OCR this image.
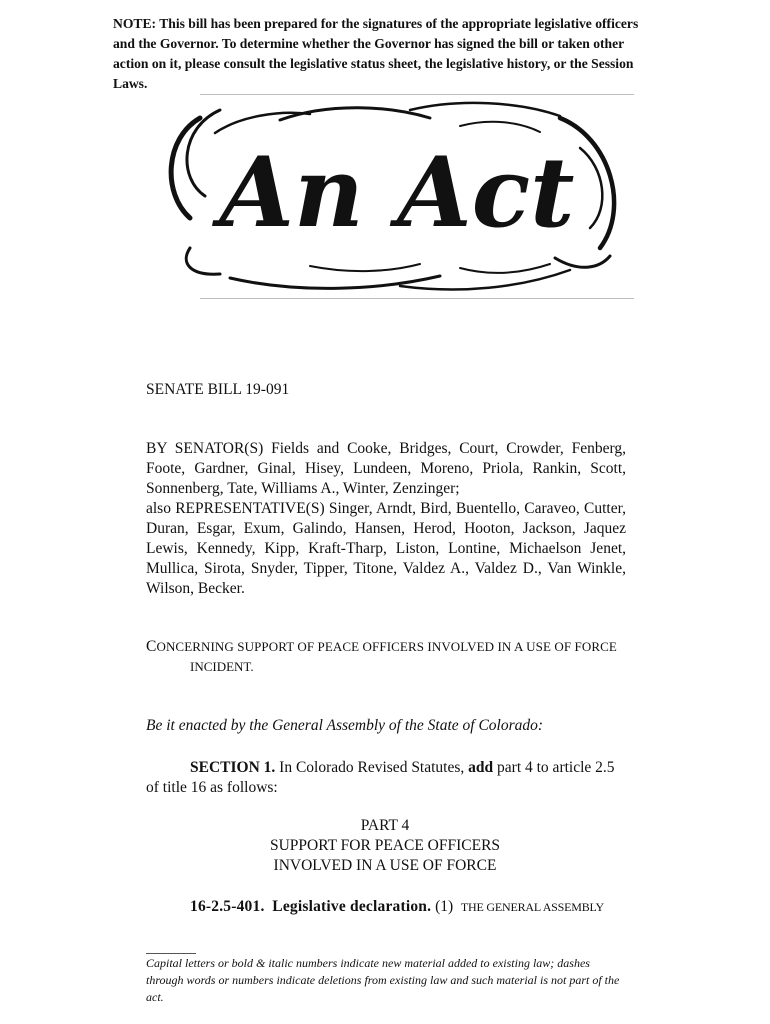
NOTE: This bill has been prepared for the signatures of the appropriate legislative officers and the Governor. To determine whether the Governor has signed the bill or taken other action on it, please consult the legislative status sheet, the legislative history, or the Session Laws.
An Act
SENATE BILL 19-091

BY SENATOR(S) Fields and Cooke, Bridges, Court, Crowder, Fenberg, Foote, Gardner, Ginal, Hisey, Lundeen, Moreno, Priola, Rankin, Scott, Sonnenberg, Tate, Williams A., Winter, Zenzinger;

also REPRESENTATIVE(S) Singer, Arndt, Bird, Buentello, Caraveo, Cutter, Duran, Esgar, Exum, Galindo, Hansen, Herod, Hooton, Jackson, Jaquez Lewis, Kennedy, Kipp, Kraft-Tharp, Liston, Lontine, Michaelson Jenet, Mullica, Sirota, Snyder, Tipper, Titone, Valdez A., Valdez D., Van Winkle, Wilson, Becker.

CONCERNING SUPPORT OF PEACE OFFICERS INVOLVED IN A USE OF FORCE
INCIDENT.
Be it enacted by the General Assembly of the State of Colorado:
SECTION 1. In Colorado Revised Statutes, add part 4 to article 2.5 of title 16 as follows:
PART 4
SUPPORT FOR PEACE OFFICERS
INVOLVED IN A USE OF FORCE
16-2.5-401. Legislative declaration. (1) THE GENERAL ASSEMBLY
Capital letters or bold & italic numbers indicate new material added to existing law; dashes through words or numbers indicate deletions from existing law and such material is not part of the act.
